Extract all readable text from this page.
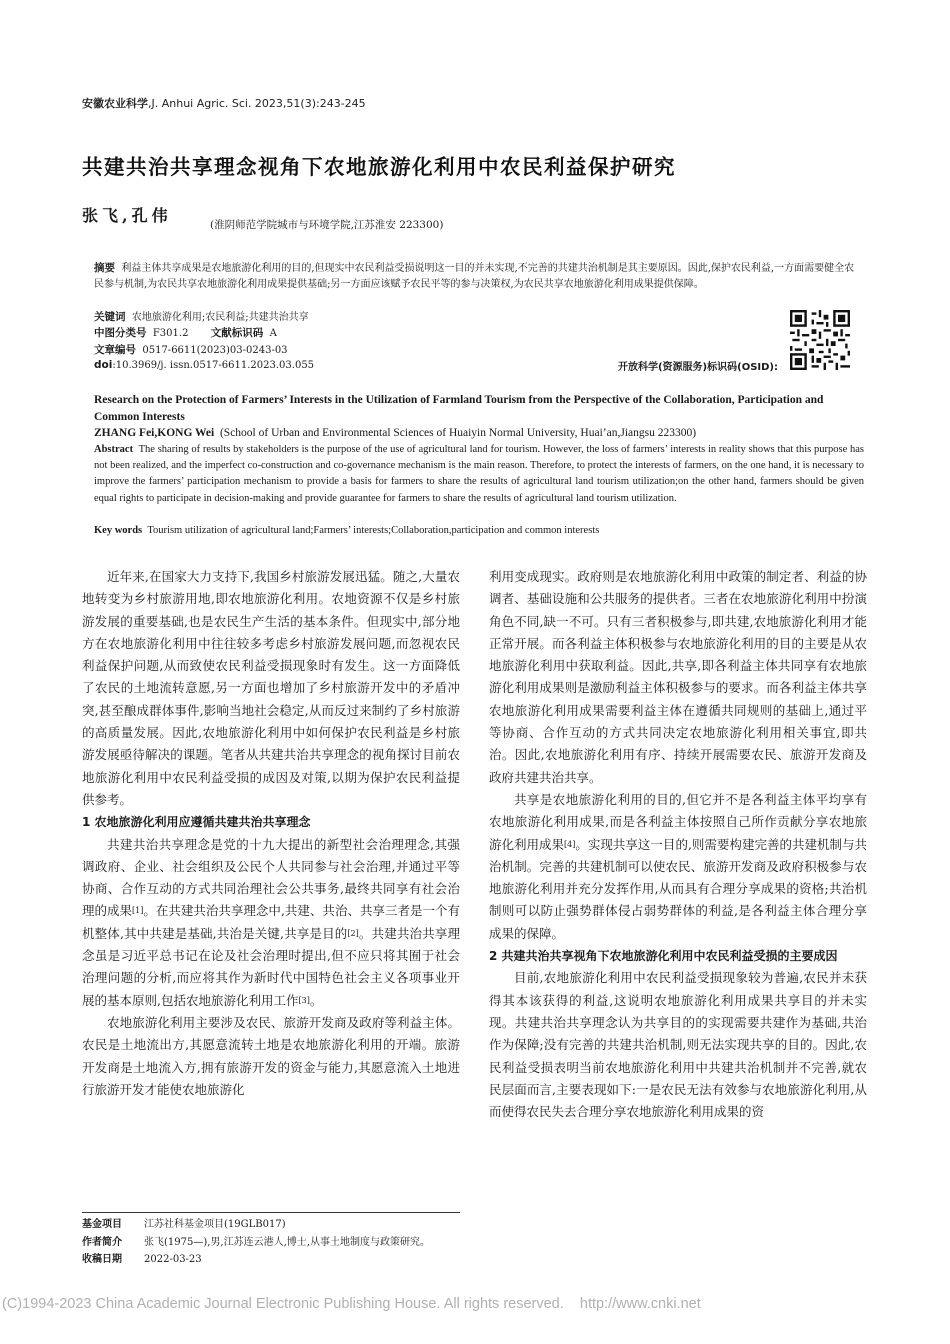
安徽农业科学,J. Anhui Agric. Sci. 2023,51(3):243-245
共建共治共享理念视角下农地旅游化利用中农民利益保护研究
张飞,孔伟	(淮阴师范学院城市与环境学院,江苏淮安 223300)
摘要 利益主体共享成果是农地旅游化利用的目的,但现实中农民利益受损说明这一目的并未实现,不完善的共建共治机制是其主要原因。因此,保护农民利益,一方面需要健全农民参与机制,为农民共享农地旅游化利用成果提供基础;另一方面应该赋予农民平等的参与决策权,为农民共享农地旅游化利用成果提供保障。
关键词 农地旅游化利用;农民利益;共建共治共享
中图分类号 F301.2 文献标识码 A
文章编号 0517-6611(2023)03-0243-03
doi:10.3969/j. issn.0517-6611.2023.03.055	开放科学(资源服务)标识码(OSID):
Research on the Protection of Farmers’ Interests in the Utilization of Farmland Tourism from the Perspective of the Collaboration, Participation and Common Interests
ZHANG Fei,KONG Wei (School of Urban and Environmental Sciences of Huaiyin Normal University, Huai’an,Jiangsu 223300)
Abstract The sharing of results by stakeholders is the purpose of the use of agricultural land for tourism. However, the loss of farmers’ interests in reality shows that this purpose has not been realized, and the imperfect co-construction and co-governance mechanism is the main reason. Therefore, to protect the interests of farmers, on the one hand, it is necessary to improve the farmers’ participation mechanism to provide a basis for farmers to share the results of agricultural land tourism utilization;on the other hand, farmers should be given equal rights to participate in decision-making and provide guarantee for farmers to share the results of agricultural land tourism utilization.
Key words Tourism utilization of agricultural land;Farmers’ interests;Collaboration,participation and common interests

近年来,在国家大力支持下,我国乡村旅游发展迅猛。随之,大量农地转变为乡村旅游用地,即农地旅游化利用。农地资源不仅是乡村旅游发展的重要基础,也是农民生产生活的基本条件。但现实中,部分地方在农地旅游化利用中往往较多考虑乡村旅游发展问题,而忽视农民利益保护问题,从而致使农民利益受损现象时有发生。这一方面降低了农民的土地流转意愿,另一方面也增加了乡村旅游开发中的矛盾冲突,甚至酿成群体事件,影响当地社会稳定,从而反过来制约了乡村旅游的高质量发展。因此,农地旅游化利用中如何保护农民利益是乡村旅游发展亟待解决的课题。笔者从共建共治共享理念的视角探讨目前农地旅游化利用中农民利益受损的成因及对策,以期为保护农民利益提供参考。

1 农地旅游化利用应遵循共建共治共享理念

共建共治共享理念是党的十九大提出的新型社会治理理念,其强调政府、企业、社会组织及公民个人共同参与社会治理,并通过平等协商、合作互动的方式共同治理社会公共事务,最终共同享有社会治理的成果[1]。在共建共治共享理念中,共建、共治、共享三者是一个有机整体,其中共建是基础,共治是关键,共享是目的[2]。共建共治共享理念虽是习近平总书记在论及社会治理时提出,但不应只将其囿于社会治理问题的分析,而应将其作为新时代中国特色社会主义各项事业开展的基本原则,包括农地旅游化利用工作[3]。

农地旅游化利用主要涉及农民、旅游开发商及政府等利益主体。农民是土地流出方,其愿意流转土地是农地旅游化利用的开端。旅游开发商是土地流入方,拥有旅游开发的资金与能力,其愿意流入土地进行旅游开发才能使农地旅游化

利用变成现实。政府则是农地旅游化利用中政策的制定者、利益的协调者、基础设施和公共服务的提供者。三者在农地旅游化利用中扮演角色不同,缺一不可。只有三者积极参与,即共建,农地旅游化利用才能正常开展。而各利益主体积极参与农地旅游化利用的目的主要是从农地旅游化利用中获取利益。因此,共享,即各利益主体共同享有农地旅游化利用成果则是激励利益主体积极参与的要求。而各利益主体共享农地旅游化利用成果需要利益主体在遵循共同规则的基础上,通过平等协商、合作互动的方式共同决定农地旅游化利用相关事宜,即共治。因此,农地旅游化利用有序、持续开展需要农民、旅游开发商及政府共建共治共享。

共享是农地旅游化利用的目的,但它并不是各利益主体平均享有农地旅游化利用成果,而是各利益主体按照自己所作贡献分享农地旅游化利用成果[4]。实现共享这一目的,则需要构建完善的共建机制与共治机制。完善的共建机制可以使农民、旅游开发商及政府积极参与农地旅游化利用并充分发挥作用,从而具有合理分享成果的资格;共治机制则可以防止强势群体侵占弱势群体的利益,是各利益主体合理分享成果的保障。

2 共建共治共享视角下农地旅游化利用中农民利益受损的主要成因

目前,农地旅游化利用中农民利益受损现象较为普遍,农民并未获得其本该获得的利益,这说明农地旅游化利用成果共享目的并未实现。共建共治共享理念认为共享目的的实现需要共建作为基础,共治作为保障;没有完善的共建共治机制,则无法实现共享的目的。因此,农民利益受损表明当前农地旅游化利用中共建共治机制并不完善,就农民层面而言,主要表现如下:一是农民无法有效参与农地旅游化利用,从而使得农民失去合理分享农地旅游化利用成果的资

基金项目	江苏社科基金项目(19GLB017)
作者简介	张飞(1975—),男,江苏连云港人,博士,从事土地制度与政策研究。
收稿日期	2022-03-23
(C)1994-2023 China Academic Journal Electronic Publishing House. All rights reserved.    http://www.cnki.net
